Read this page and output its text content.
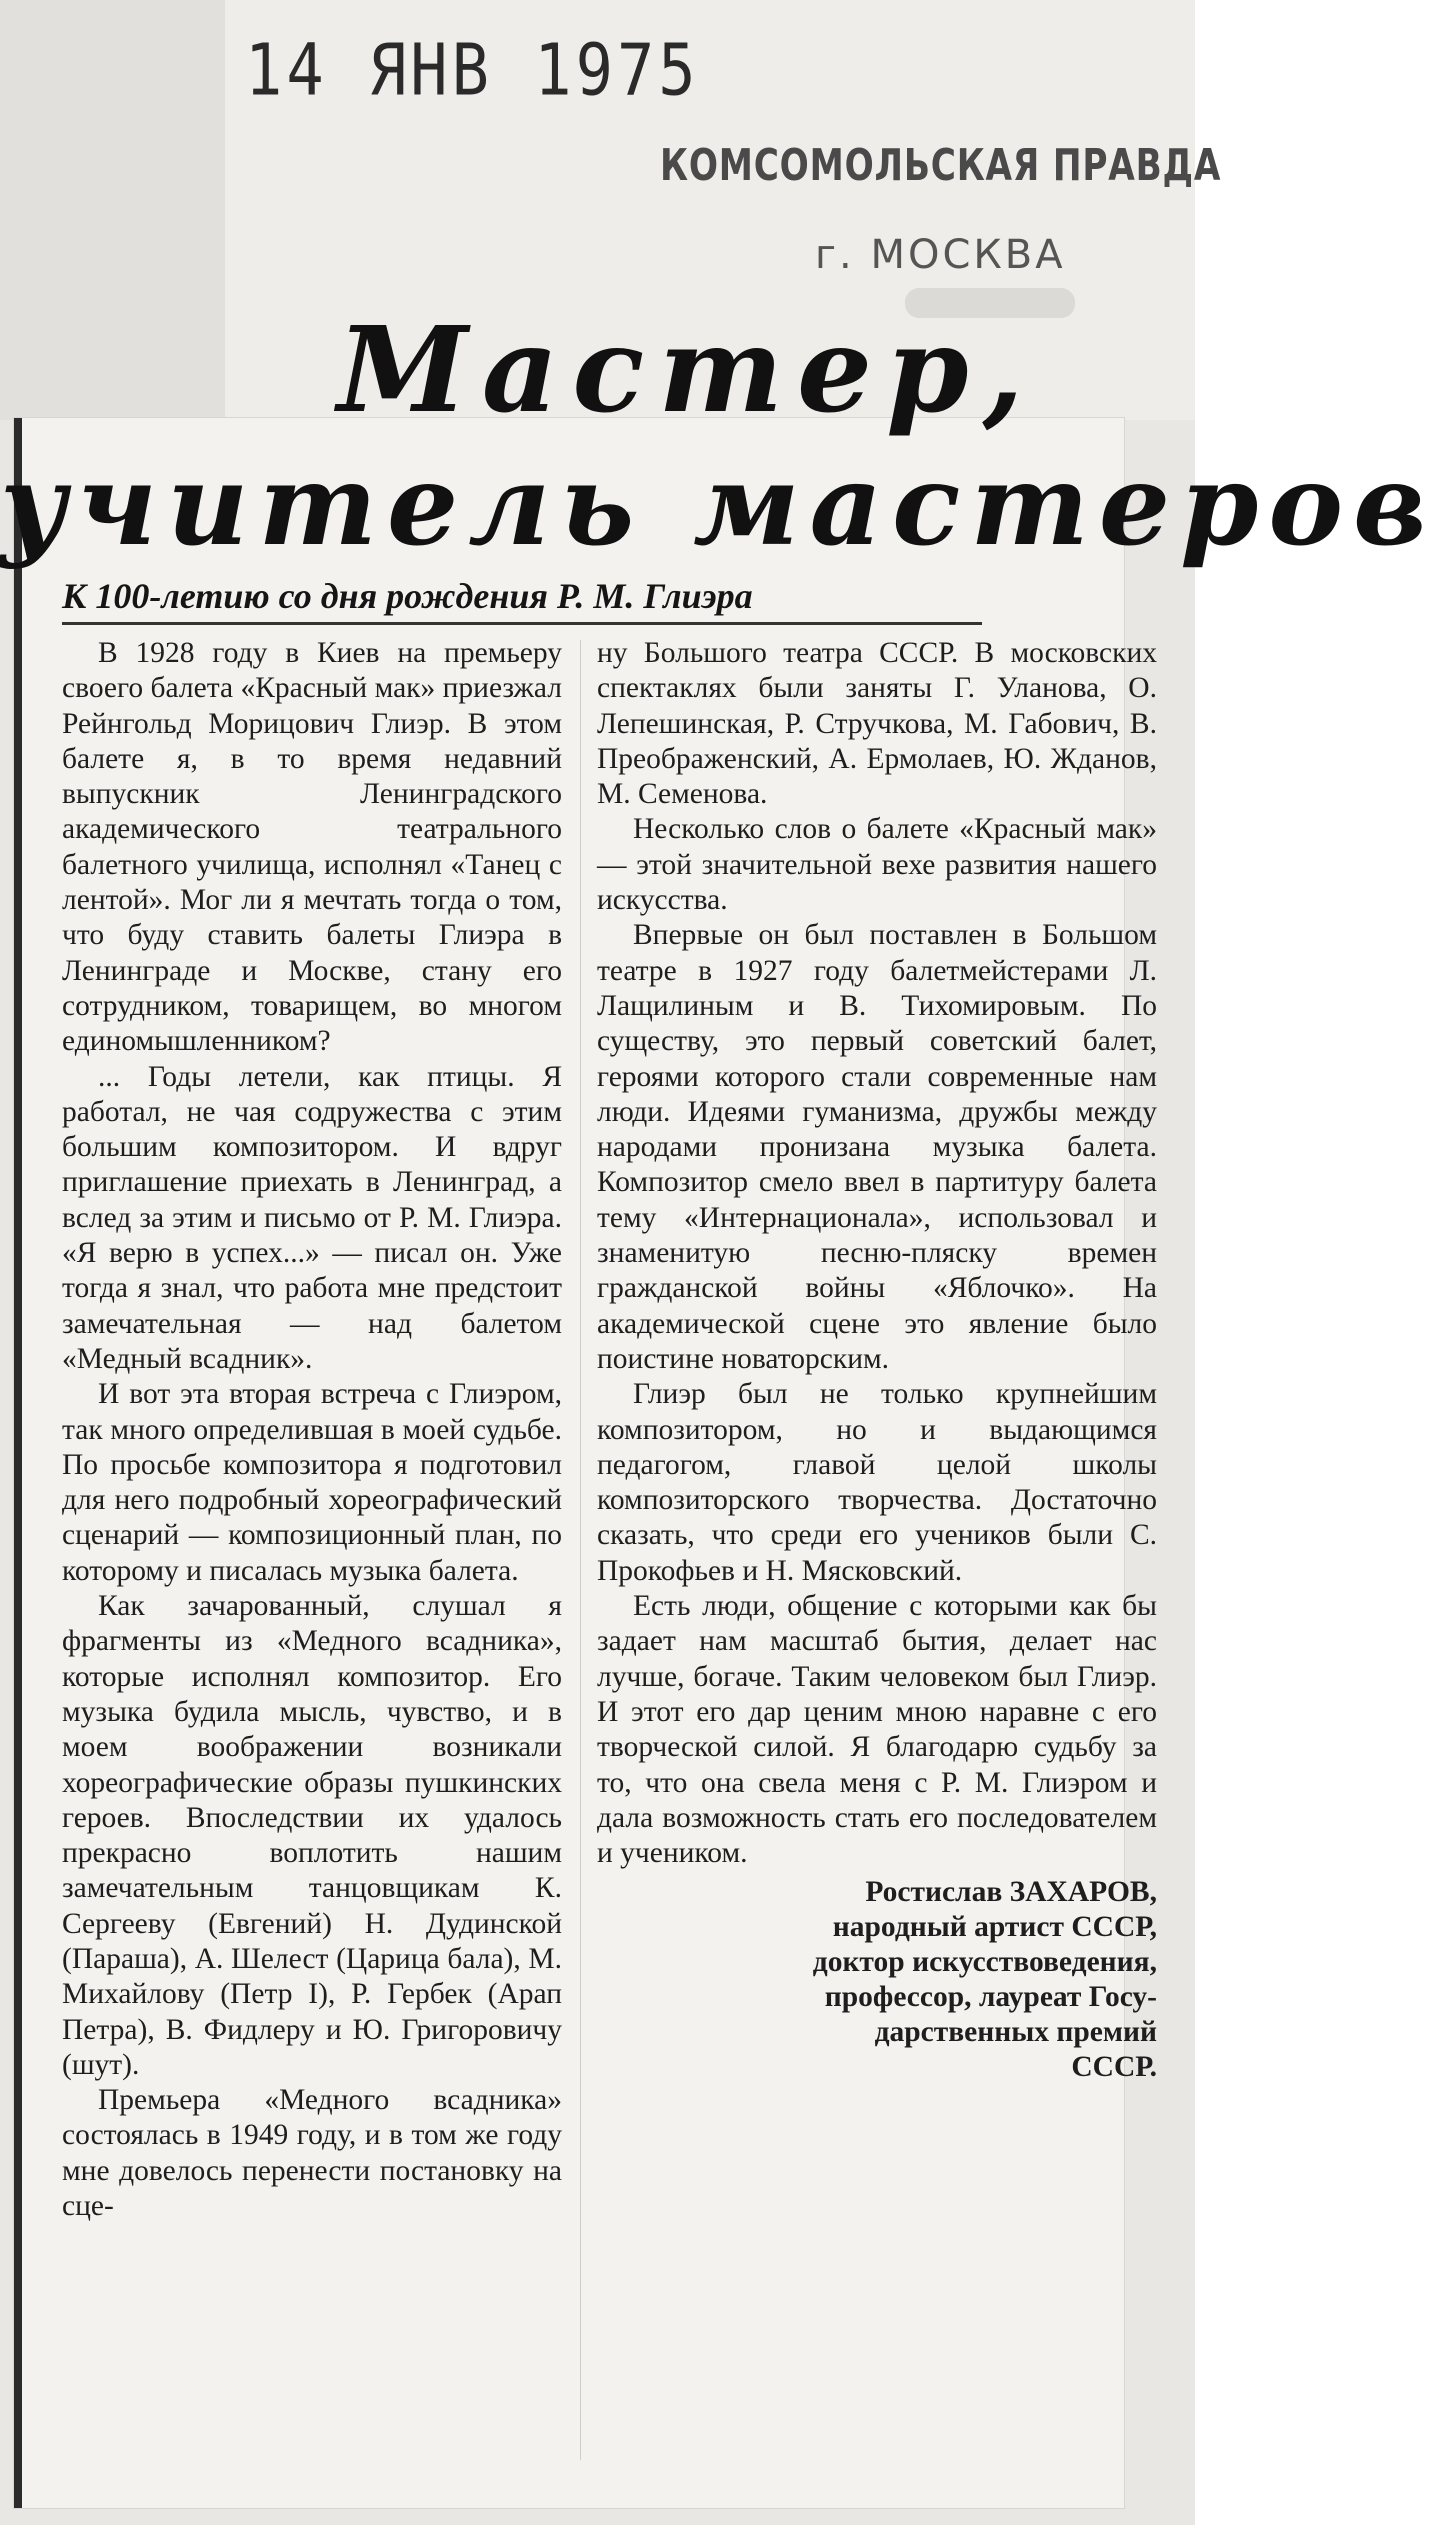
14 ЯНВ 1975
КОМСОМОЛЬСКАЯ ПРАВДА
г. МОСКВА
Мастер,
учитель мастеров
К 100-летию со дня рождения Р. М. Глиэра

В 1928 году в Киев на премьеру своего балета «Красный мак» приезжал Рейнгольд Морицович Глиэр. В этом балете я, в то время недавний выпускник Ленинградского академического театрального балетного училища, исполнял «Танец с лентой». Мог ли я мечтать тогда о том, что буду ставить балеты Глиэра в Ленинграде и Москве, стану его сотрудником, товарищем, во многом единомышленником?

... Годы летели, как птицы. Я работал, не чая содружества с этим большим композитором. И вдруг приглашение приехать в Ленинград, а вслед за этим и письмо от Р. М. Глиэра. «Я верю в успех...» — писал он. Уже тогда я знал, что работа мне предстоит замечательная — над балетом «Медный всадник».

И вот эта вторая встреча с Глиэром, так много определившая в моей судьбе. По просьбе композитора я подготовил для него подробный хореографический сценарий — композиционный план, по которому и писалась музыка балета.

Как зачарованный, слушал я фрагменты из «Медного всадника», которые исполнял композитор. Его музыка будила мысль, чувство, и в моем воображении возникали хореографические образы пушкинских героев. Впоследствии их удалось прекрасно воплотить нашим замечательным танцовщикам К. Сергееву (Евгений) Н. Дудинской (Параша), А. Шелест (Царица бала), М. Михайлову (Петр I), Р. Гербек (Арап Петра), В. Фидлеру и Ю. Григоровичу (шут).

Премьера «Медного всадника» состоялась в 1949 году, и в том же году мне довелось перенести постановку на сце-

ну Большого театра СССР. В московских спектаклях были заняты Г. Уланова, О. Лепешинская, Р. Стручкова, М. Габович, В. Преображенский, А. Ермолаев, Ю. Жданов, М. Семенова.

Несколько слов о балете «Красный мак» — этой значительной вехе развития нашего искусства.

Впервые он был поставлен в Большом театре в 1927 году балетмейстерами Л. Лащилиным и В. Тихомировым. По существу, это первый советский балет, героями которого стали современные нам люди. Идеями гуманизма, дружбы между народами пронизана музыка балета. Композитор смело ввел в партитуру балета тему «Интернационала», использовал и знаменитую песню-пляску времен гражданской войны «Яблочко». На академической сцене это явление было поистине новаторским.

Глиэр был не только крупнейшим композитором, но и выдающимся педагогом, главой целой школы композиторского творчества. Достаточно сказать, что среди его учеников были С. Прокофьев и Н. Мясковский.

Есть люди, общение с которыми как бы задает нам масштаб бытия, делает нас лучше, богаче. Таким человеком был Глиэр. И этот его дар ценим мною наравне с его творческой силой. Я благодарю судьбу за то, что она свела меня с Р. М. Глиэром и дала возможность стать его последователем и учеником.

Ростислав ЗАХАРОВ,
народный артист СССР,
доктор искусствоведения,
профессор, лауреат Госу-
дарственных премий
СССР.
